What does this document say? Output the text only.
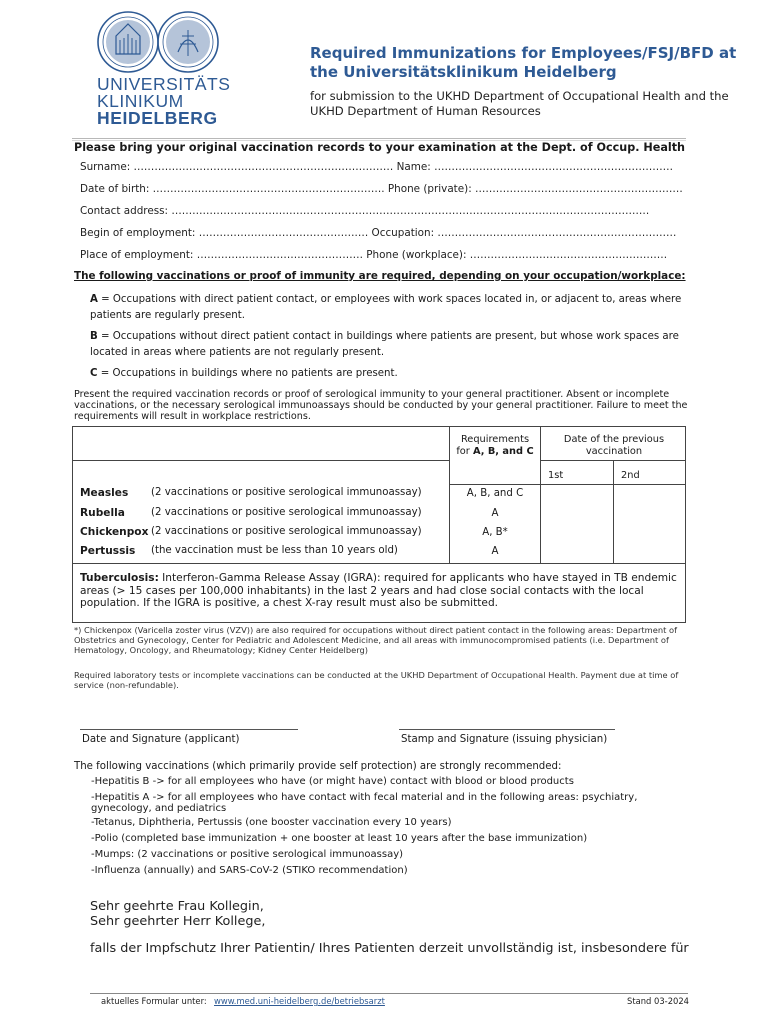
UNIVERSITÄTS
KLINIKUM
HEIDELBERG
Required Immunizations for Employees/FSJ/BFD at the Universitätsklinikum Heidelberg
for submission to the UKHD Department of Occupational Health and the UKHD Department of Human Resources
Please bring your original vaccination records to your examination at the Dept. of Occup. Health
Surname: ………………………………………………………………… Name: ……………………………………………………………
Date of birth: …………………………………………………………. Phone (private): ……………………………………………………
Contact address: …………………………………………………………………………………………………………………………
Begin of employment: ……………………………………….… Occupation: ……………………………………………………………
Place of employment: ………………………………………… Phone (workplace): …………………………………………………
The following vaccinations or proof of immunity are required, depending on your occupation/workplace:
A = Occupations with direct patient contact, or employees with work spaces located in, or adjacent to, areas where patients are regularly present.
B = Occupations without direct patient contact in buildings where patients are present, but whose work spaces are located in areas where patients are not regularly present.
C = Occupations in buildings where no patients are present.
Present the required vaccination records or proof of serological immunity to your general practitioner. Absent or incomplete vaccinations, or the necessary serological immunoassays should be conducted by your general practitioner. Failure to meet the requirements will result in workplace restrictions.
Requirements
for A, B, and C
Date of the previous vaccination
1st	2nd
Measles (2 vaccinations or positive serological immunoassay)	A, B, and C
Rubella	(2 vaccinations or positive serological immunoassay)	A
Chickenpox (2 vaccinations or positive serological immunoassay)	A, B*
Pertussis (the vaccination must be less than 10 years old)	A
Tuberculosis: Interferon-Gamma Release Assay (IGRA): required for applicants who have stayed in TB endemic areas (> 15 cases per 100,000 inhabitants) in the last 2 years and had close social contacts with the local population. If the IGRA is positive, a chest X-ray result must also be submitted.
*) Chickenpox (Varicella zoster virus (VZV)) are also required for occupations without direct patient contact in the following areas: Department of Obstetrics and Gynecology, Center for Pediatric and Adolescent Medicine, and all areas with immunocompromised patients (i.e. Department of Hematology, Oncology, and Rheumatology; Kidney Center Heidelberg)
Required laboratory tests or incomplete vaccinations can be conducted at the UKHD Department of Occupational Health. Payment due at time of service (non-refundable).
Date and Signature (applicant)	Stamp and Signature (issuing physician)
The following vaccinations (which primarily provide self protection) are strongly recommended:
-Hepatitis B -> for all employees who have (or might have) contact with blood or blood products
-Hepatitis A -> for all employees who have contact with fecal material and in the following areas: psychiatry, gynecology, and pediatrics
-Tetanus, Diphtheria, Pertussis (one booster vaccination every 10 years)
-Polio (completed base immunization + one booster at least 10 years after the base immunization)
-Mumps: (2 vaccinations or positive serological immunoassay)
-Influenza (annually) and SARS-CoV-2 (STIKO recommendation)
Sehr geehrte Frau Kollegin,
Sehr geehrter Herr Kollege,
falls der Impfschutz Ihrer Patientin/ Ihres Patienten derzeit unvollständig ist, insbesondere für
aktuelles Formular unter: www.med.uni-heidelberg.de/betriebsarzt	Stand 03-2024
